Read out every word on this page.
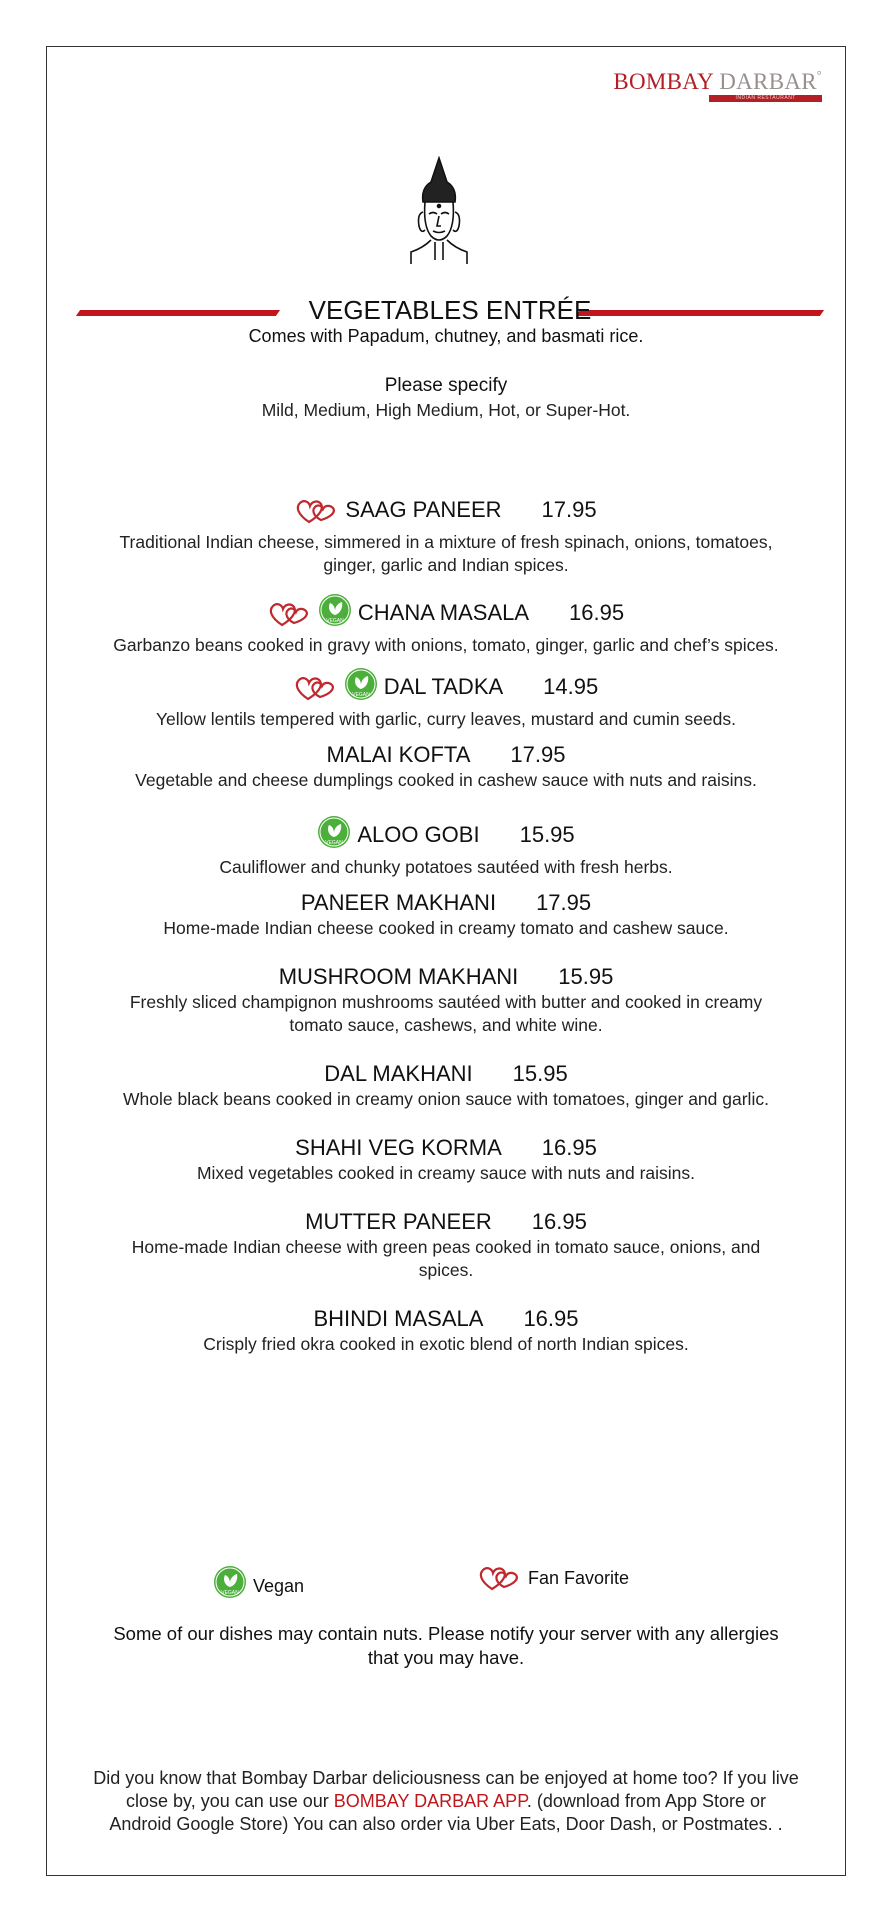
BOMBAY DARBAR°
INDIAN RESTAURANT
VEGETABLES ENTRÉE
Comes with Papadum, chutney, and basmati rice.
Please specify
Mild, Medium, High Medium, Hot, or Super-Hot.
SAAG PANEER 17.95
Traditional Indian cheese, simmered in a mixture of fresh spinach, onions, tomatoes,
ginger, garlic and Indian spices.
VEGAN CHANA MASALA 16.95
Garbanzo beans cooked in gravy with onions, tomato, ginger, garlic and chef’s spices.
VEGAN DAL TADKA 14.95
Yellow lentils tempered with garlic, curry leaves, mustard and cumin seeds.
MALAI KOFTA 17.95
Vegetable and cheese dumplings cooked in cashew sauce with nuts and raisins.
VEGAN ALOO GOBI 15.95
Cauliflower and chunky potatoes sautéed with fresh herbs.
PANEER MAKHANI 17.95
Home-made Indian cheese cooked in creamy tomato and cashew sauce.
MUSHROOM MAKHANI 15.95
Freshly sliced champignon mushrooms sautéed with butter and cooked in creamy
tomato sauce, cashews, and white wine.
DAL MAKHANI 15.95
Whole black beans cooked in creamy onion sauce with tomatoes, ginger and garlic.
SHAHI VEG KORMA 16.95
Mixed vegetables cooked in creamy sauce with nuts and raisins.
MUTTER PANEER 16.95
Home-made Indian cheese with green peas cooked in tomato sauce, onions, and
spices.
BHINDI MASALA 16.95
Crisply fried okra cooked in exotic blend of north Indian spices.
VEGAN Vegan	Fan Favorite
Some of our dishes may contain nuts. Please notify your server with any allergies
that you may have.
Did you know that Bombay Darbar deliciousness can be enjoyed at home too? If you live
close by, you can use our BOMBAY DARBAR APP. (download from App Store or
Android Google Store) You can also order via Uber Eats, Door Dash, or Postmates. .
